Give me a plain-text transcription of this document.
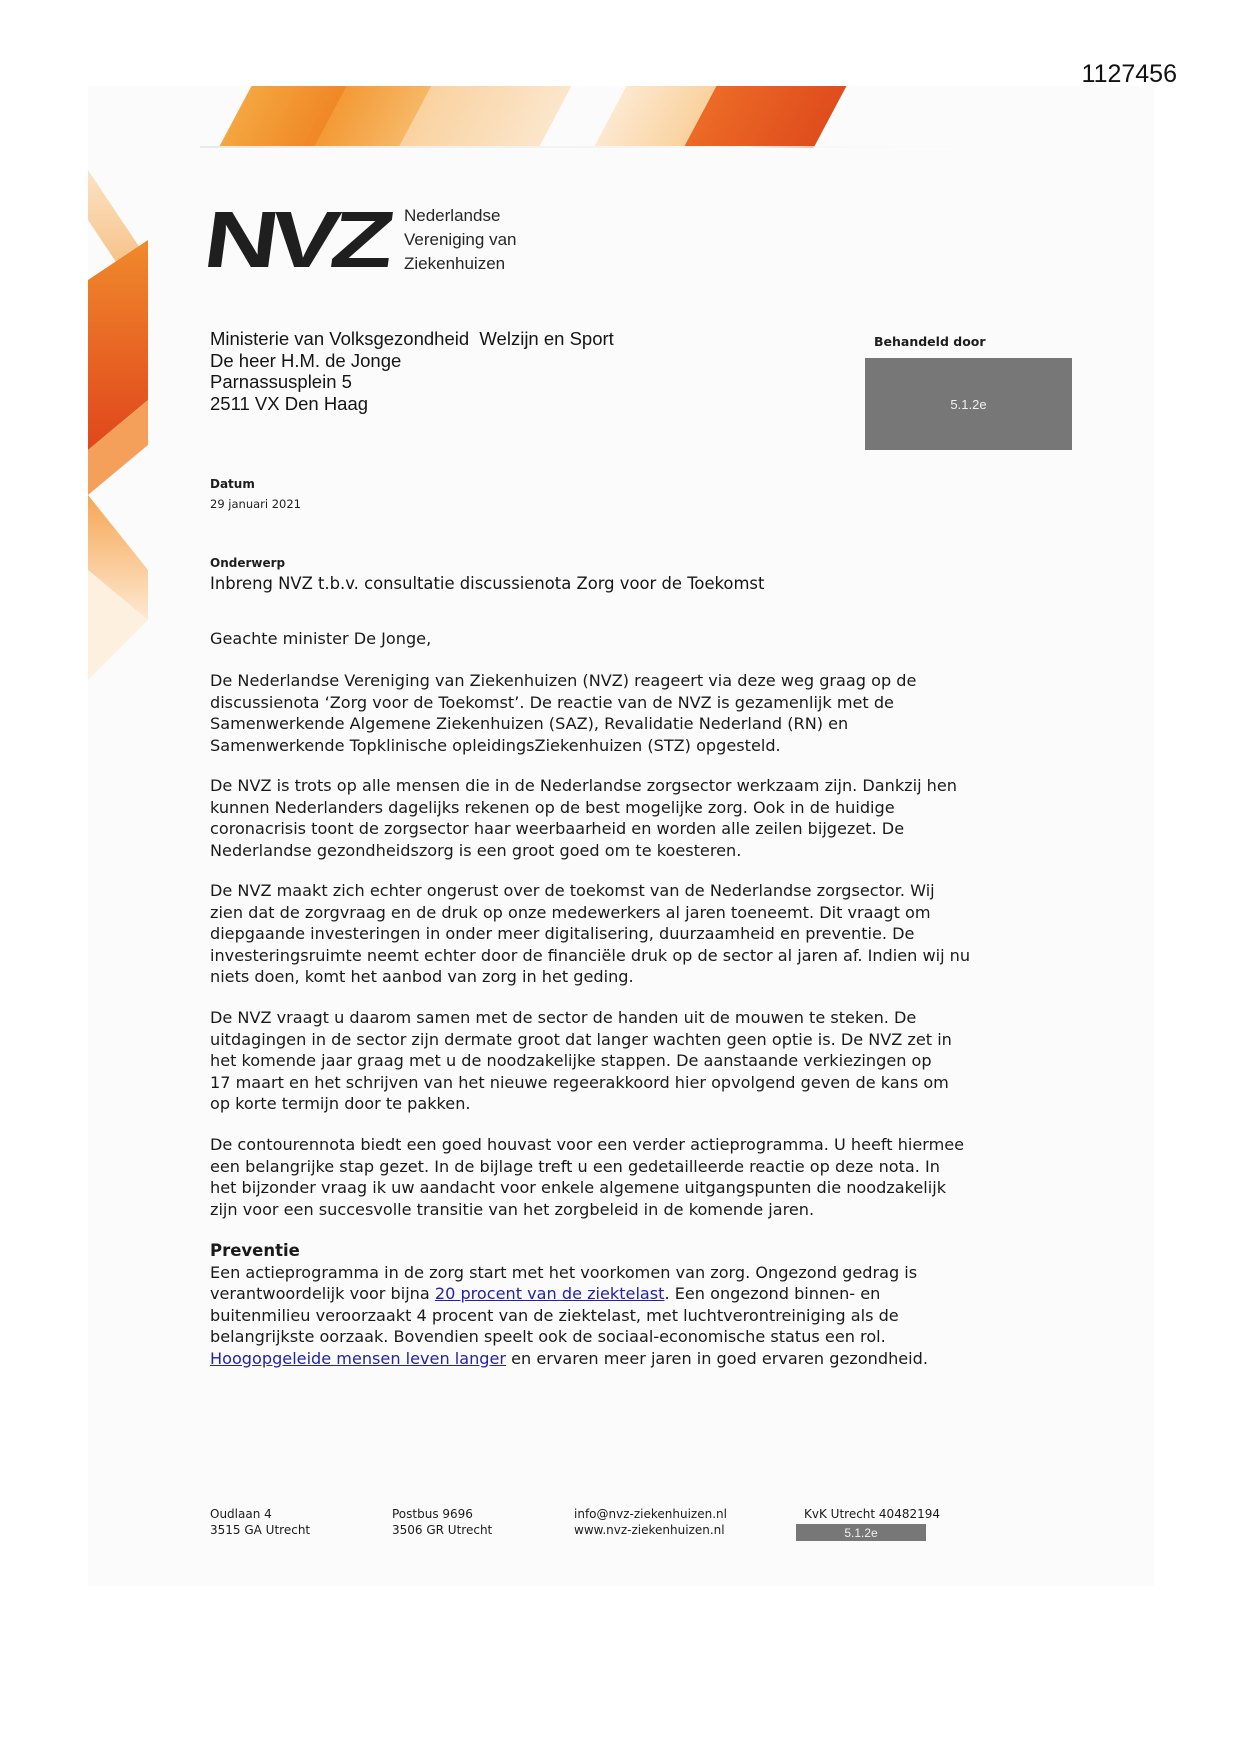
1127456
NVZ Nederlandse
Vereniging van
Ziekenhuizen
Ministerie van Volksgezondheid  Welzijn en Sport
De heer H.M. de Jonge
Parnassusplein 5
2511 VX Den Haag
Behandeld door
5.1.2e
Datum
29 januari 2021
Onderwerp
Inbreng NVZ t.b.v. consultatie discussienota Zorg voor de Toekomst
Geachte minister De Jonge,
De Nederlandse Vereniging van Ziekenhuizen (NVZ) reageert via deze weg graag op de
discussienota ‘Zorg voor de Toekomst’. De reactie van de NVZ is gezamenlijk met de
Samenwerkende Algemene Ziekenhuizen (SAZ), Revalidatie Nederland (RN) en
Samenwerkende Topklinische opleidingsZiekenhuizen (STZ) opgesteld.
De NVZ is trots op alle mensen die in de Nederlandse zorgsector werkzaam zijn. Dankzij hen
kunnen Nederlanders dagelijks rekenen op de best mogelijke zorg. Ook in de huidige
coronacrisis toont de zorgsector haar weerbaarheid en worden alle zeilen bijgezet. De
Nederlandse gezondheidszorg is een groot goed om te koesteren.
De NVZ maakt zich echter ongerust over de toekomst van de Nederlandse zorgsector. Wij
zien dat de zorgvraag en de druk op onze medewerkers al jaren toeneemt. Dit vraagt om
diepgaande investeringen in onder meer digitalisering, duurzaamheid en preventie. De
investeringsruimte neemt echter door de financiële druk op de sector al jaren af. Indien wij nu
niets doen, komt het aanbod van zorg in het geding.
De NVZ vraagt u daarom samen met de sector de handen uit de mouwen te steken. De
uitdagingen in de sector zijn dermate groot dat langer wachten geen optie is. De NVZ zet in
het komende jaar graag met u de noodzakelijke stappen. De aanstaande verkiezingen op
17 maart en het schrijven van het nieuwe regeerakkoord hier opvolgend geven de kans om
op korte termijn door te pakken.
De contourennota biedt een goed houvast voor een verder actieprogramma. U heeft hiermee
een belangrijke stap gezet. In de bijlage treft u een gedetailleerde reactie op deze nota. In
het bijzonder vraag ik uw aandacht voor enkele algemene uitgangspunten die noodzakelijk
zijn voor een succesvolle transitie van het zorgbeleid in de komende jaren.
Preventie
Een actieprogramma in de zorg start met het voorkomen van zorg. Ongezond gedrag is
verantwoordelijk voor bijna 20 procent van de ziektelast. Een ongezond binnen- en
buitenmilieu veroorzaakt 4 procent van de ziektelast, met luchtverontreiniging als de
belangrijkste oorzaak. Bovendien speelt ook de sociaal-economische status een rol.
Hoogopgeleide mensen leven langer en ervaren meer jaren in goed ervaren gezondheid.
Oudlaan 4
3515 GA Utrecht
Postbus 9696
3506 GR Utrecht
info@nvz-ziekenhuizen.nl
www.nvz-ziekenhuizen.nl
KvK Utrecht 40482194
5.1.2e
